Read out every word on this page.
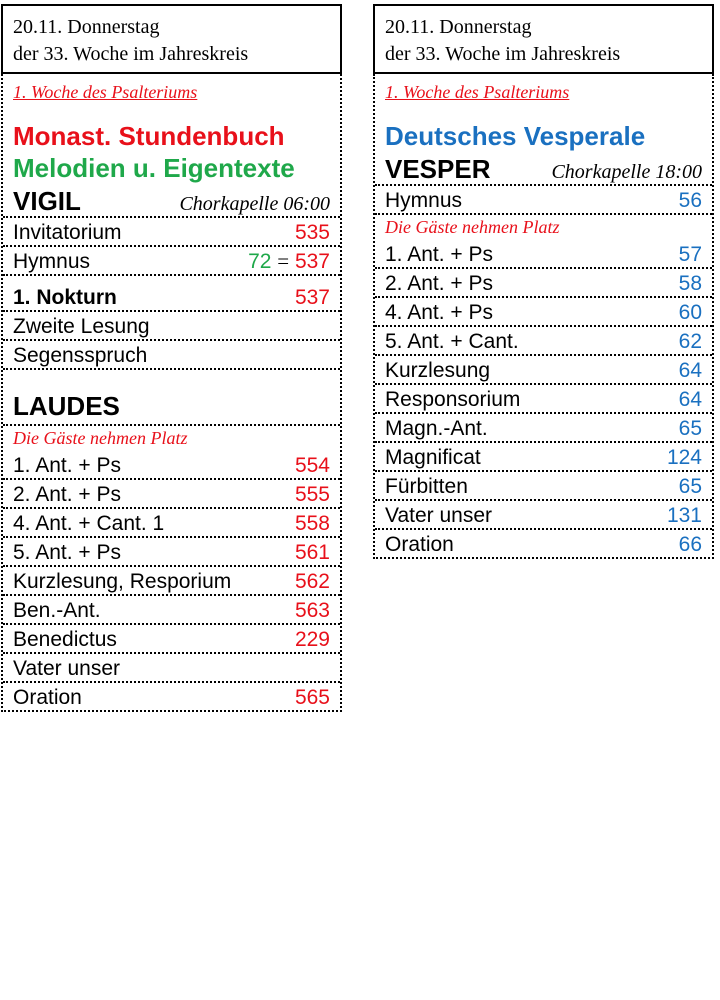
20.11. Donnerstag
der 33. Woche im Jahreskreis
1. Woche des Psalteriums
Monast. Stundenbuch
Melodien u. Eigentexte
VIGIL	Chorkapelle 06:00
Invitatorium	535
Hymnus	72 = 537
1. Nokturn	537
Zweite Lesung
Segensspruch
LAUDES
Die Gäste nehmen Platz
1. Ant. + Ps	554
2. Ant. + Ps	555
4. Ant. + Cant. 1	558
5. Ant. + Ps	561
Kurzlesung, Resporium	562
Ben.-Ant.	563
Benedictus	229
Vater unser
Oration	565
20.11. Donnerstag
der 33. Woche im Jahreskreis
1. Woche des Psalteriums
Deutsches Vesperale
VESPER	Chorkapelle 18:00
Hymnus	56
Die Gäste nehmen Platz
1. Ant. + Ps	57
2. Ant. + Ps	58
4. Ant. + Ps	60
5. Ant. + Cant.	62
Kurzlesung	64
Responsorium	64
Magn.-Ant.	65
Magnificat	124
Fürbitten	65
Vater unser	131
Oration	66
